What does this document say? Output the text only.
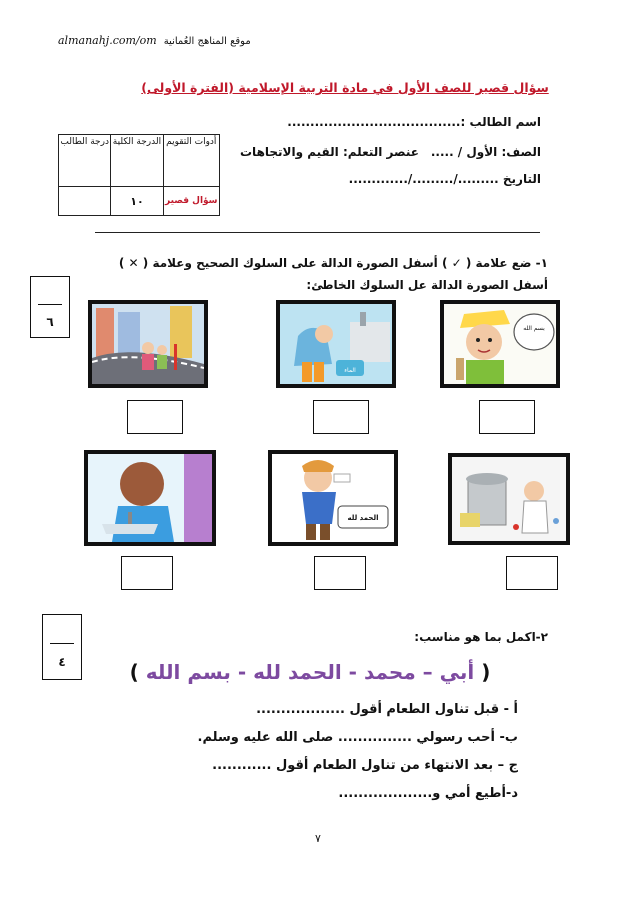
almanahj.com/om موقع المناهج العُمانية
سؤال قصير للصف الأول في مادة التربية الإسلامية (الفترة الأولى)
اسم الطالب :......................................
الصف: الأول / .....
عنصر التعلم: القيم والاتجاهات
التاريخ ........./........./.............
درجة الطالب	الدرجة الكلية	أدوات التقويم
	١٠	سؤال قصير
١- ضع علامة ( ✓ ) أسفل الصورة الدالة على السلوك الصحيح وعلامة ( ✕ )
أسفل الصورة الدالة عل السلوك الخاطئ:
٦
الماء
بسم الله
الحمد لله
٤
٢-اكمل بما هو مناسب:
( أبي – محمد - الحمد لله - بسم الله )
أ - قبل تناول الطعام أقول ..................
ب- أحب رسولي ............... صلى الله عليه وسلم.
ج – بعد الانتهاء من تناول الطعام أقول ............
د-أطيع أمي و...................
٧
